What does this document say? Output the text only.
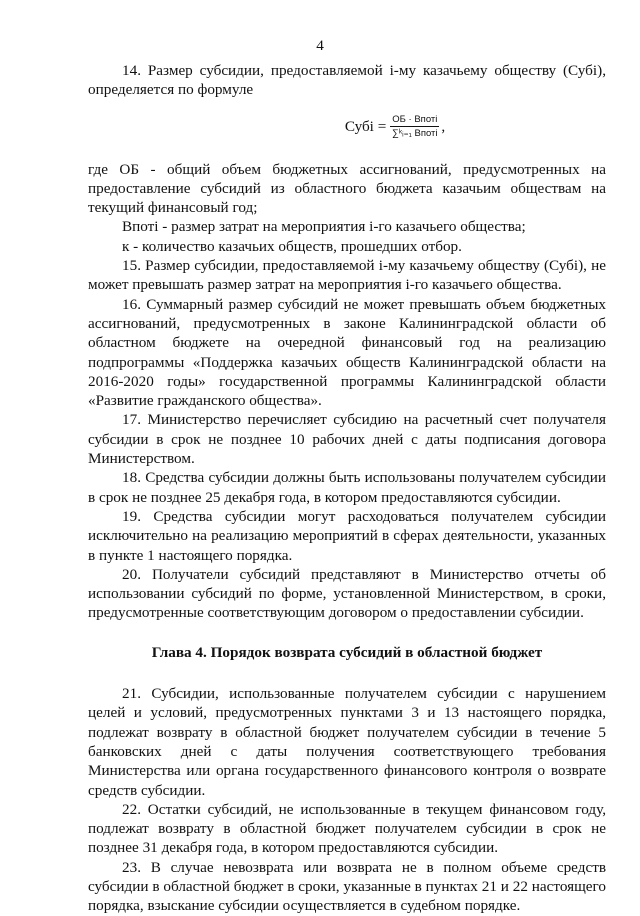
4

14. Размер субсидии, предоставляемой i-му казачьему обществу (Субi), определяется по формуле

Субi = $\frac{\text{ОБ · Впотi}}{\text{∑ᵏᵢ₌₁ Впотi}}$ ,

где ОБ - общий объем бюджетных ассигнований, предусмотренных на предоставление субсидий из областного бюджета казачьим обществам на текущий финансовый год;

Впотi - размер затрат на мероприятия i-го казачьего общества;

к - количество казачьих обществ, прошедших отбор.

15. Размер субсидии, предоставляемой i-му казачьему обществу (Субi), не может превышать размер затрат на мероприятия i-го казачьего общества.

16. Суммарный размер субсидий не может превышать объем бюджетных ассигнований, предусмотренных в законе Калининградской области об областном бюджете на очередной финансовый год на реализацию подпрограммы «Поддержка казачьих обществ Калининградской области на 2016-2020 годы» государственной программы Калининградской области «Развитие гражданского общества».

17. Министерство перечисляет субсидию на расчетный счет получателя субсидии в срок не позднее 10 рабочих дней с даты подписания договора Министерством.

18. Средства субсидии должны быть использованы получателем субсидии в срок не позднее 25 декабря года, в котором предоставляются субсидии.

19. Средства субсидии могут расходоваться получателем субсидии исключительно на реализацию мероприятий в сферах деятельности, указанных в пункте 1 настоящего порядка.

20. Получатели субсидий представляют в Министерство отчеты об использовании субсидий по форме, установленной Министерством, в сроки, предусмотренные соответствующим договором о предоставлении субсидии.

Глава 4. Порядок возврата субсидий в областной бюджет

21. Субсидии, использованные получателем субсидии с нарушением целей и условий, предусмотренных пунктами 3 и 13 настоящего порядка, подлежат возврату в областной бюджет получателем субсидии в течение 5 банковских дней с даты получения соответствующего требования Министерства или органа государственного финансового контроля о возврате средств субсидии.

22. Остатки субсидий, не использованные в текущем финансовом году, подлежат возврату в областной бюджет получателем субсидии в срок не позднее 31 декабря года, в котором предоставляются субсидии.

23. В случае невозврата или возврата не в полном объеме средств субсидии в областной бюджет в сроки, указанные в пунктах 21 и 22 настоящего порядка, взыскание субсидии осуществляется в судебном порядке.
